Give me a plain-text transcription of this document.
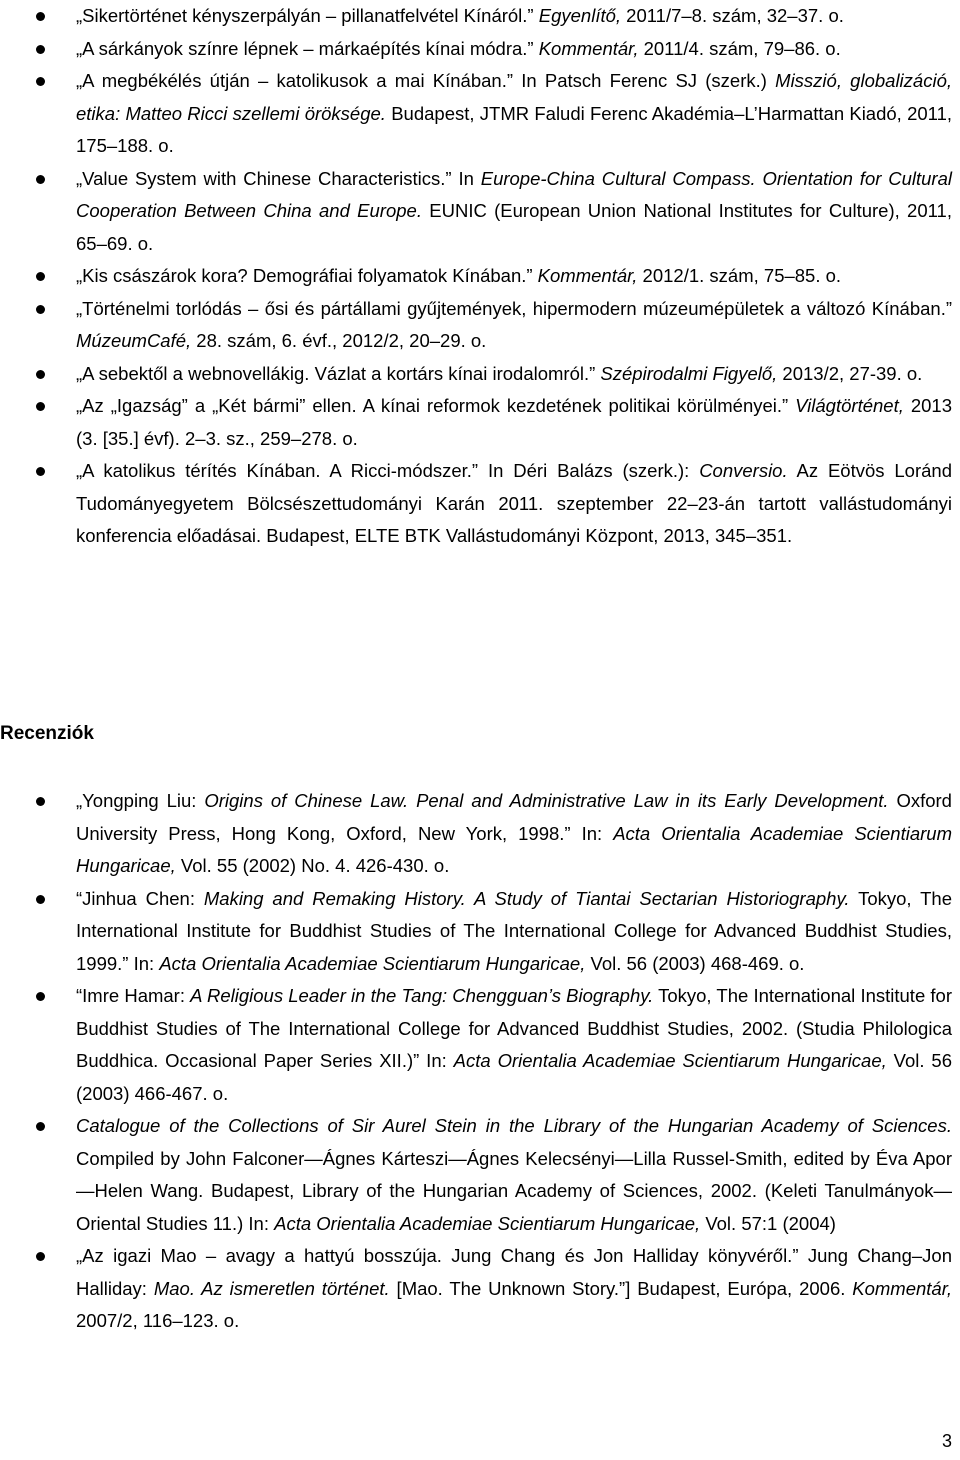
„Sikertörténet kényszerpályán – pillanatfelvétel Kínáról.” Egyenlítő, 2011/7–8. szám, 32–37. o.
„A sárkányok színre lépnek – márkaépítés kínai módra.” Kommentár, 2011/4. szám, 79–86. o.
„A megbékélés útján – katolikusok a mai Kínában.” In Patsch Ferenc SJ (szerk.) Misszió, globalizáció, etika: Matteo Ricci szellemi öröksége. Budapest, JTMR Faludi Ferenc Akadémia–L’Harmattan Kiadó, 2011, 175–188. o.
„Value System with Chinese Characteristics.” In Europe-China Cultural Compass. Orientation for Cultural Cooperation Between China and Europe. EUNIC (European Union National Institutes for Culture), 2011, 65–69. o.
„Kis császárok kora? Demográfiai folyamatok Kínában.” Kommentár, 2012/1. szám, 75–85. o.
„Történelmi torlódás – ősi és pártállami gyűjtemények, hipermodern múzeumépületek a változó Kínában.” MúzeumCafé, 28. szám, 6. évf., 2012/2, 20–29. o.
„A sebektől a webnovellákig. Vázlat a kortárs kínai irodalomról.” Szépirodalmi Figyelő, 2013/2, 27-39. o.
„Az „Igazság” a „Két bármi” ellen. A kínai reformok kezdetének politikai körülményei.” Világtörténet, 2013 (3. [35.] évf). 2–3. sz., 259–278. o.
„A katolikus térítés Kínában. A Ricci-módszer.” In Déri Balázs (szerk.): Conversio. Az Eötvös Loránd Tudományegyetem Bölcsészettudományi Karán 2011. szeptember 22–23-án tartott vallástudományi konferencia előadásai. Budapest, ELTE BTK Vallástudományi Központ, 2013, 345–351.
Recenziók
„Yongping Liu: Origins of Chinese Law. Penal and Administrative Law in its Early Development. Oxford University Press, Hong Kong, Oxford, New York, 1998.” In: Acta Orientalia Academiae Scientiarum Hungaricae, Vol. 55 (2002) No. 4. 426-430. o.
“Jinhua Chen: Making and Remaking History. A Study of Tiantai Sectarian Historiography. Tokyo, The International Institute for Buddhist Studies of The International College for Advanced Buddhist Studies, 1999.” In: Acta Orientalia Academiae Scientiarum Hungaricae, Vol. 56 (2003) 468-469. o.
“Imre Hamar: A Religious Leader in the Tang: Chengguan’s Biography. Tokyo, The International Institute for Buddhist Studies of The International College for Advanced Buddhist Studies, 2002. (Studia Philologica Buddhica. Occasional Paper Series XII.)” In: Acta Orientalia Academiae Scientiarum Hungaricae, Vol. 56 (2003) 466-467. o.
Catalogue of the Collections of Sir Aurel Stein in the Library of the Hungarian Academy of Sciences. Compiled by John Falconer—Ágnes Kárteszi—Ágnes Kelecsényi—Lilla Russel-Smith, edited by Éva Apor—Helen Wang. Budapest, Library of the Hungarian Academy of Sciences, 2002. (Keleti Tanulmányok—Oriental Studies 11.) In: Acta Orientalia Academiae Scientiarum Hungaricae, Vol. 57:1 (2004)
„Az igazi Mao – avagy a hattyú bosszúja. Jung Chang és Jon Halliday könyvéről.” Jung Chang–Jon Halliday: Mao. Az ismeretlen történet. [Mao. The Unknown Story.”] Budapest, Európa, 2006. Kommentár, 2007/2, 116–123. o.
3
